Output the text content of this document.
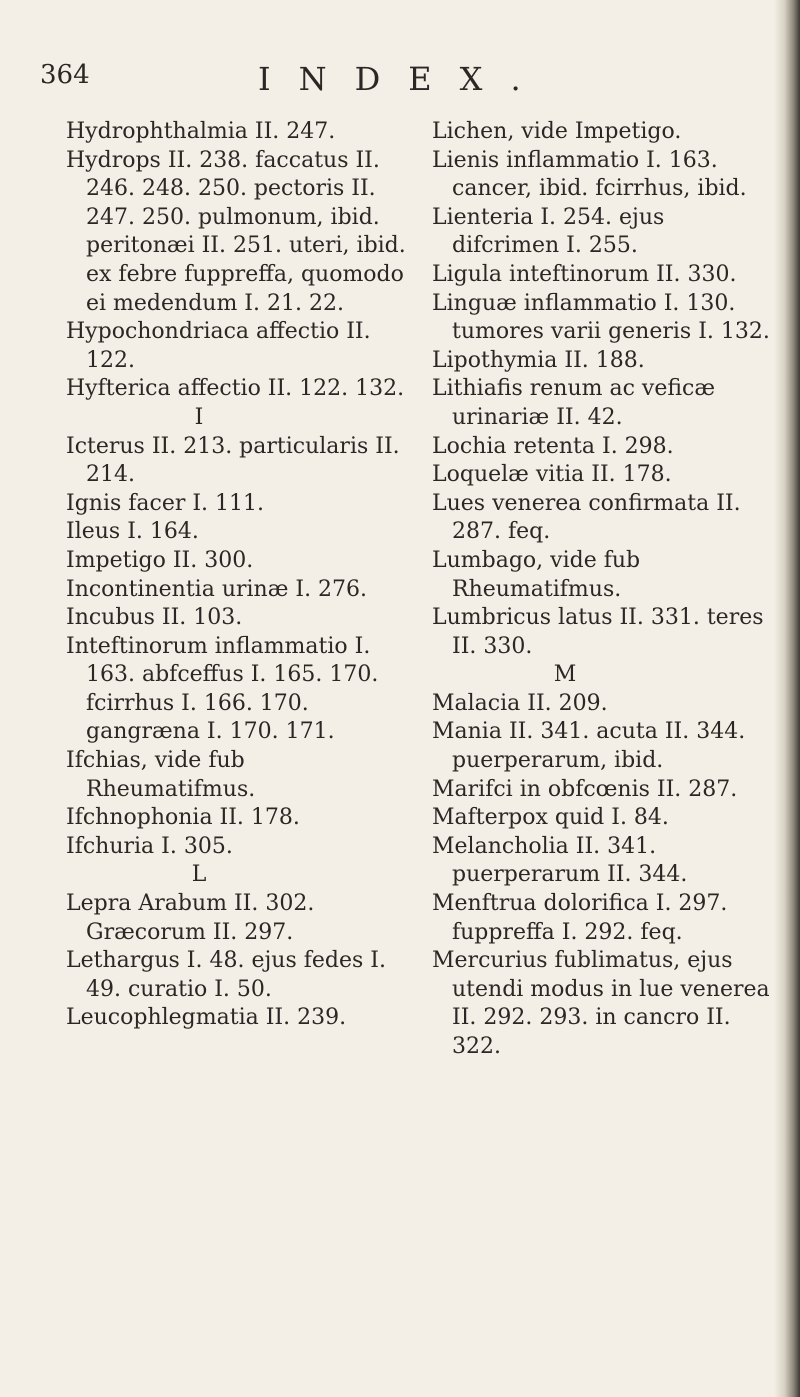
364	INDEX.

Hydrophthalmia II. 247.

Hydrops II. 238. faccatus II. 246. 248. 250. pectoris II. 247. 250. pulmonum, ibid. peritonæi II. 251. uteri, ibid. ex febre fuppreffa, quomodo ei medendum I. 21. 22.

Hypochondriaca affectio II. 122.

Hyfterica affectio II. 122. 132.

I

Icterus II. 213. particularis II. 214.

Ignis facer I. 111.

Ileus I. 164.

Impetigo II. 300.

Incontinentia urinæ I. 276.

Incubus II. 103.

Inteftinorum inflammatio I. 163. abfceffus I. 165. 170. fcirrhus I. 166. 170. gangræna I. 170. 171.

Ifchias, vide fub Rheumatifmus.

Ifchnophonia II. 178.

Ifchuria I. 305.

L

Lepra Arabum II. 302. Græcorum II. 297.

Lethargus I. 48. ejus fedes I. 49. curatio I. 50.

Leucophlegmatia II. 239.

Lichen, vide Impetigo.

Lienis inflammatio I. 163. cancer, ibid. fcirrhus, ibid.

Lienteria I. 254. ejus difcrimen I. 255.

Ligula inteftinorum II. 330.

Linguæ inflammatio I. 130. tumores varii generis I. 132.

Lipothymia II. 188.

Lithiafis renum ac veficæ urinariæ II. 42.

Lochia retenta I. 298.

Loquelæ vitia II. 178.

Lues venerea confirmata II. 287. feq.

Lumbago, vide fub Rheumatifmus.

Lumbricus latus II. 331. teres II. 330.

M

Malacia II. 209.

Mania II. 341. acuta II. 344. puerperarum, ibid.

Marifci in obfcœnis II. 287.

Mafterpox quid I. 84.

Melancholia II. 341. puerperarum II. 344.

Menftrua dolorifica I. 297. fuppreffa I. 292. feq.

Mercurius fublimatus, ejus utendi modus in lue venerea II. 292. 293. in cancro II. 322.
